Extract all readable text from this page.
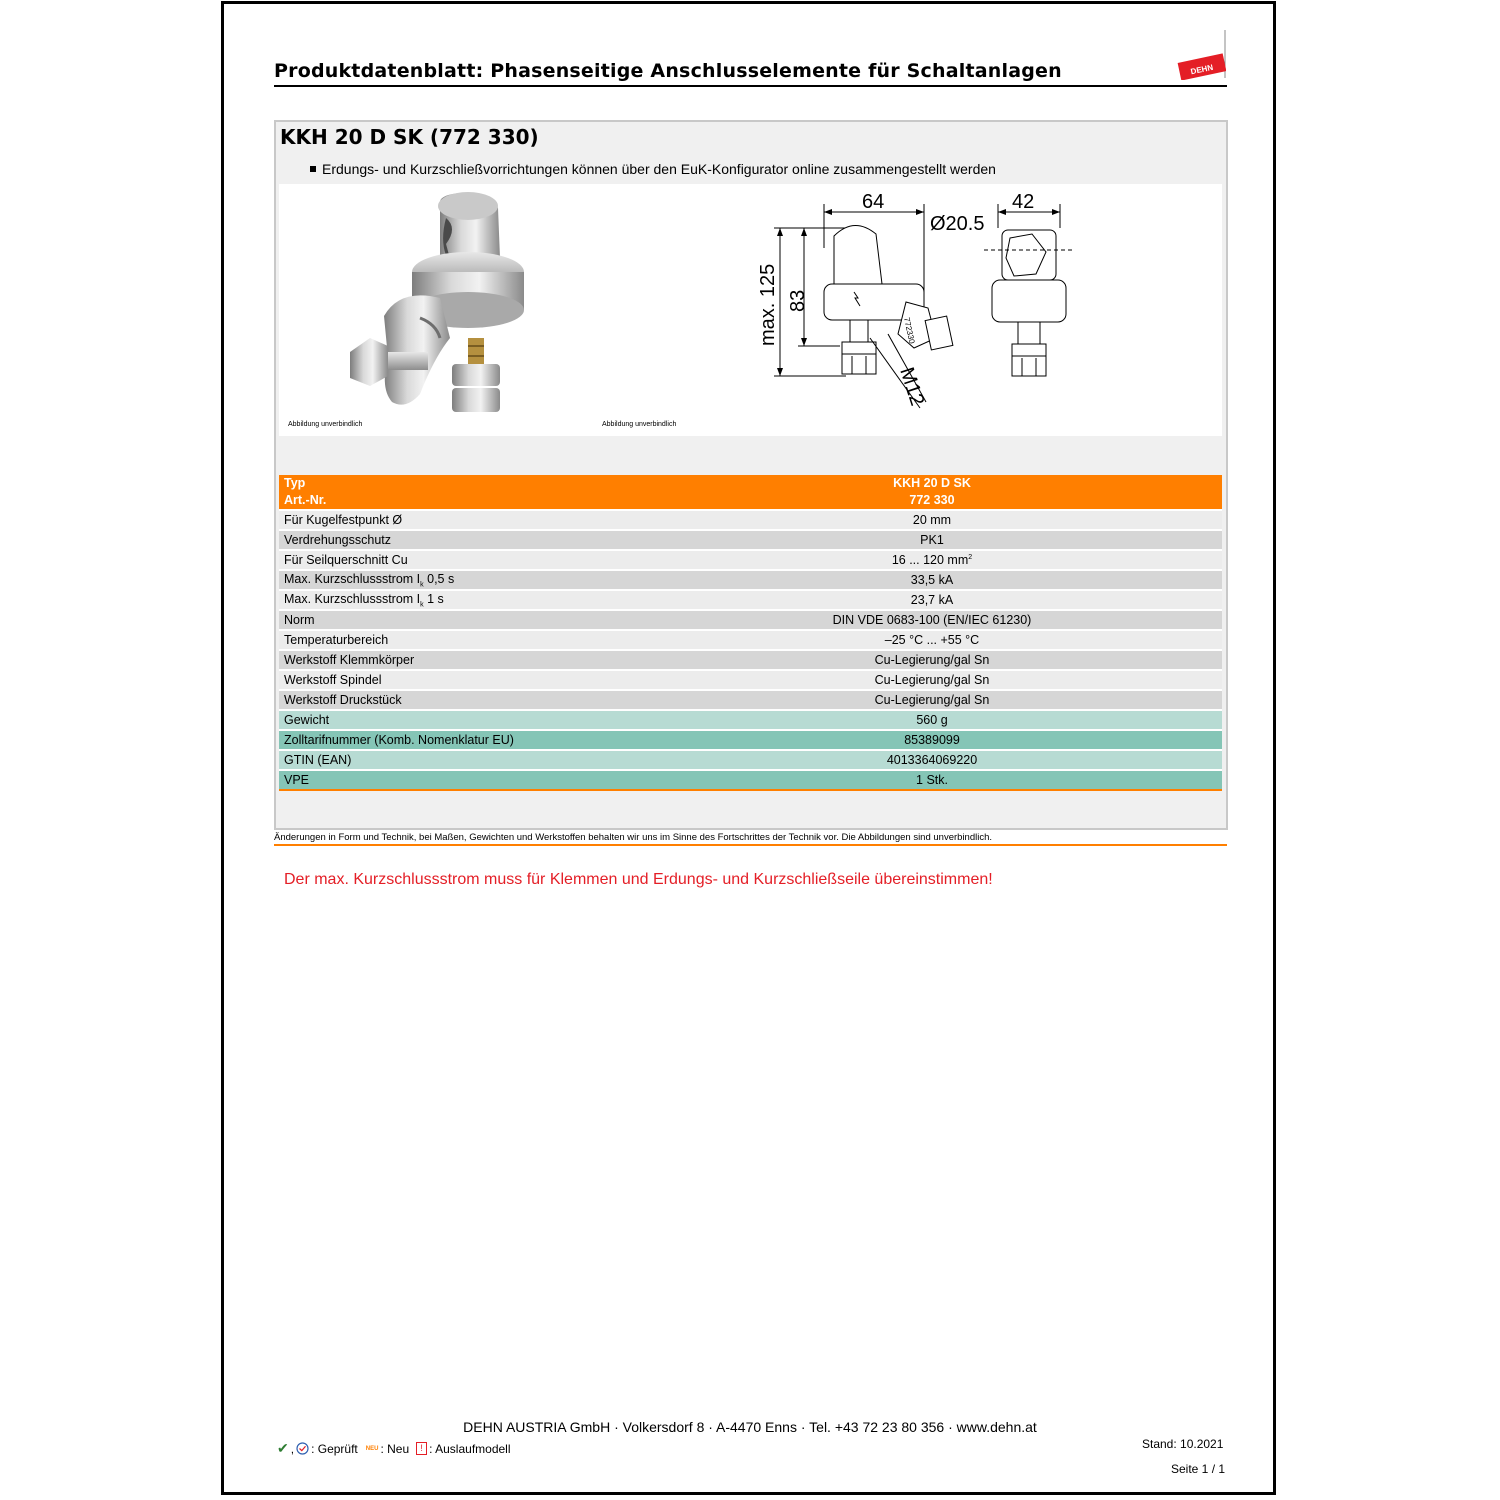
Produktdatenblatt: Phasenseitige Anschlusselemente für Schaltanlagen	DEHN
KKH 20 D SK (772 330)
Erdungs- und Kurzschließvorrichtungen können über den EuK-Konfigurator online zusammengestellt werden
Abbildung unverbindlich
64	42
Ø20.5
max. 125 83
M12
772330
Abbildung unverbindlich
Typ	KKH 20 D SK
Art.-Nr.	772 330
Für Kugelfestpunkt Ø	20 mm
Verdrehungsschutz	PK1
Für Seilquerschnitt Cu	16 ... 120 $mm^2$
Max. Kurzschlussstrom $I_k$ 0,5 s	33,5 kA
Max. Kurzschlussstrom $I_k$ 1 s	23,7 kA
Norm	DIN VDE 0683-100 (EN/IEC 61230)
Temperaturbereich	–25 °C ... +55 °C
Werkstoff Klemmkörper	Cu-Legierung/gal Sn
Werkstoff Spindel	Cu-Legierung/gal Sn
Werkstoff Druckstück	Cu-Legierung/gal Sn
Gewicht	560 g
Zolltarifnummer (Komb. Nomenklatur EU)	85389099
GTIN (EAN)	4013364069220
VPE	1 Stk.
Änderungen in Form und Technik, bei Maßen, Gewichten und Werkstoffen behalten wir uns im Sinne des Fortschrittes der Technik vor. Die Abbildungen sind unverbindlich.
Der max. Kurzschlussstrom muss für Klemmen und Erdungs- und Kurzschließseile übereinstimmen!
DEHN AUSTRIA GmbH · Volkersdorf 8 · A-4470 Enns · Tel. +43 72 23 80 356 · www.dehn.at
✔ , : Geprüft NEU : Neu	! : Auslaufmodell	Stand: 10.2021
Seite 1 / 1
